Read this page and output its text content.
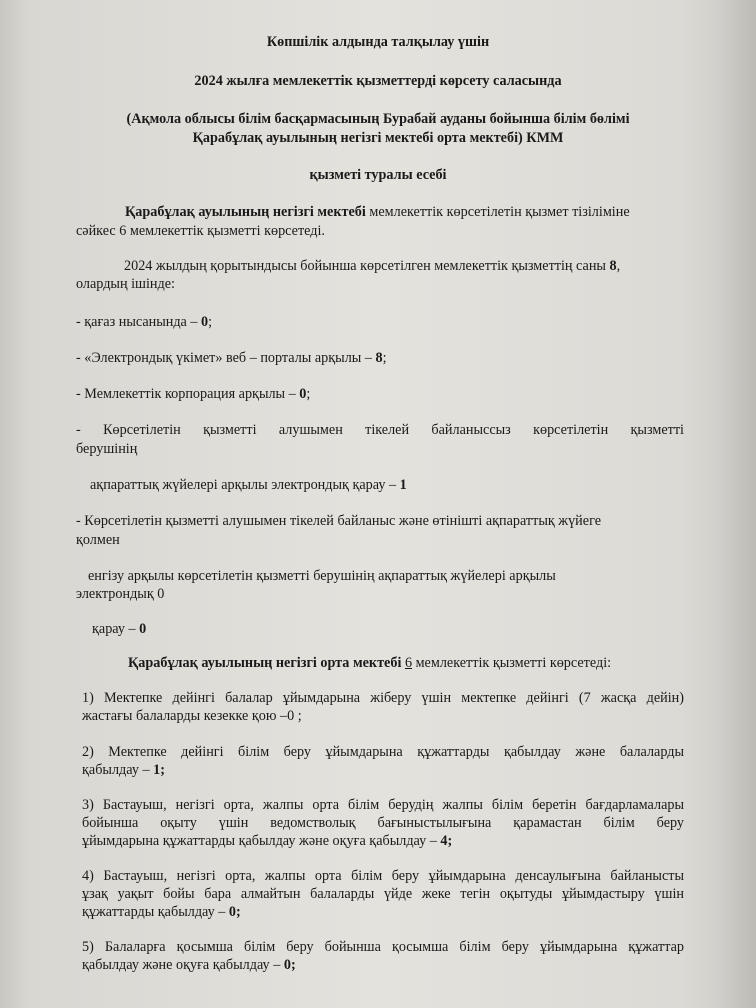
Көпшілік алдында талқылау үшін
2024 жылға мемлекеттік қызметтерді көрсету саласында
(Ақмола облысы білім басқармасының Бурабай ауданы бойынша білім бөлімі
Қарабұлақ ауылының негізгі мектебі орта мектебі) КММ
қызметі туралы есебі
Қарабұлақ ауылының негізгі мектебі мемлекеттік көрсетілетін қызмет тізіліміне
сәйкес 6 мемлекеттік қызметті көрсетеді.
2024 жылдың қорытындысы бойынша көрсетілген мемлекеттік қызметтің саны 8,
олардың ішінде:
- қағаз нысанында – 0;
- «Электрондық үкімет» веб – порталы арқылы – 8;
- Мемлекеттік корпорация арқылы – 0;
- Көрсетілетін қызметті алушымен тікелей байланыссыз көрсетілетін қызметті
берушінің
ақпараттық жүйелері арқылы электрондық қарау – 1
- Көрсетілетін қызметті алушымен тікелей байланыс және өтінішті ақпараттық жүйеге
қолмен
енгізу арқылы көрсетілетін қызметті берушінің ақпараттық жүйелері арқылы
электрондық 0
қарау – 0
Қарабұлақ ауылының негізгі орта мектебі 6 мемлекеттік қызметті көрсетеді:
1) Мектепке дейінгі балалар ұйымдарына жіберу үшін мектепке дейінгі (7 жасқа дейін)
жастағы балаларды кезекке қою –0 ;
2) Мектепке дейінгі білім беру ұйымдарына құжаттарды қабылдау және балаларды
қабылдау – 1;
3) Бастауыш, негізгі орта, жалпы орта білім берудің жалпы білім беретін бағдарламалары
бойынша оқыту үшін ведомстволық бағыныстылығына қарамастан білім беру
ұйымдарына құжаттарды қабылдау және оқуға қабылдау – 4;
4) Бастауыш, негізгі орта, жалпы орта білім беру ұйымдарына денсаулығына байланысты
ұзақ уақыт бойы бара алмайтын балаларды үйде жеке тегін оқытуды ұйымдастыру үшін
құжаттарды қабылдау – 0;
5) Балаларға қосымша білім беру бойынша қосымша білім беру ұйымдарына құжаттар
қабылдау және оқуға қабылдау – 0;
